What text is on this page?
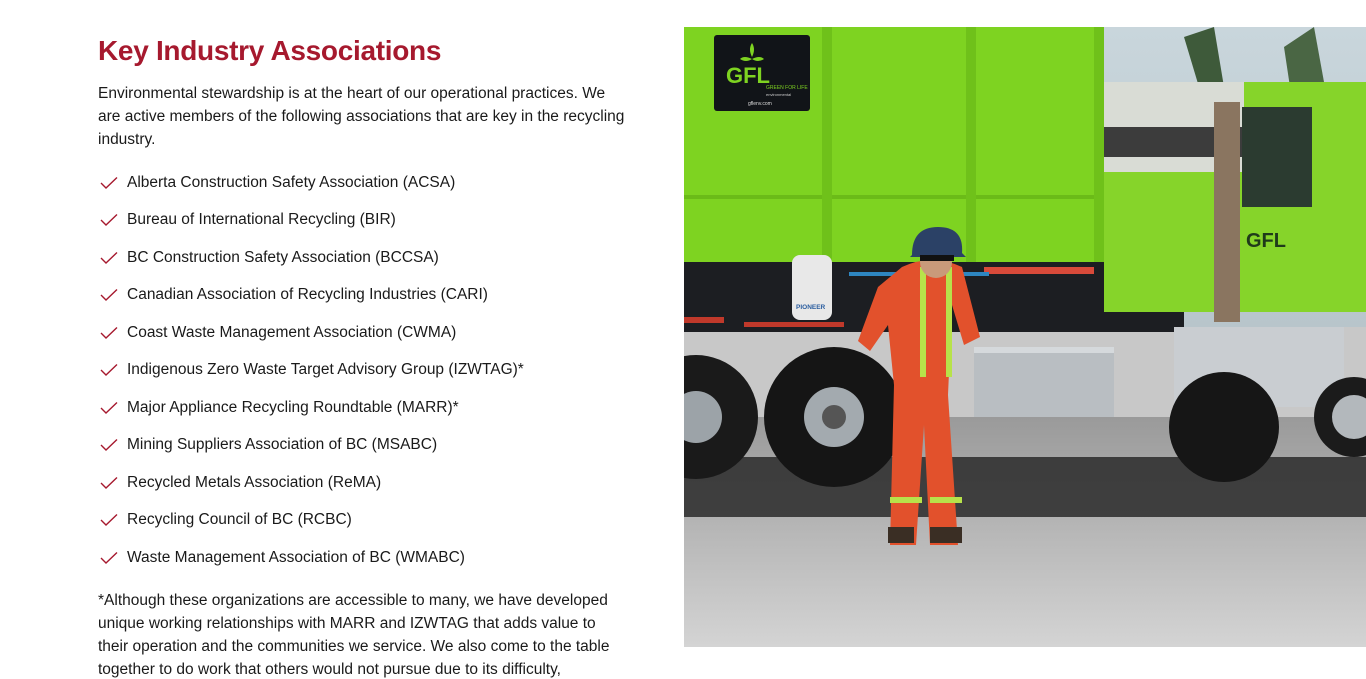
Key Industry Associations

Environmental stewardship is at the heart of our operational practices. We are active members of the following associations that are key in the recycling industry.

Alberta Construction Safety Association (ACSA)
Bureau of International Recycling (BIR)
BC Construction Safety Association (BCCSA)
Canadian Association of Recycling Industries (CARI)
Coast Waste Management Association (CWMA)
Indigenous Zero Waste Target Advisory Group (IZWTAG)*
Major Appliance Recycling Roundtable (MARR)*
Mining Suppliers Association of BC (MSABC)
Recycled Metals Association (ReMA)
Recycling Council of BC (RCBC)
Waste Management Association of BC (WMABC)

*Although these organizations are accessible to many, we have developed unique working relationships with MARR and IZWTAG that adds value to their operation and the communities we service. We also come to the table together to do work that others would not pursue due to its difficulty,

GFL
GREEN FOR LIFE
environmental
gflenv.com
PIONEER
GFL
